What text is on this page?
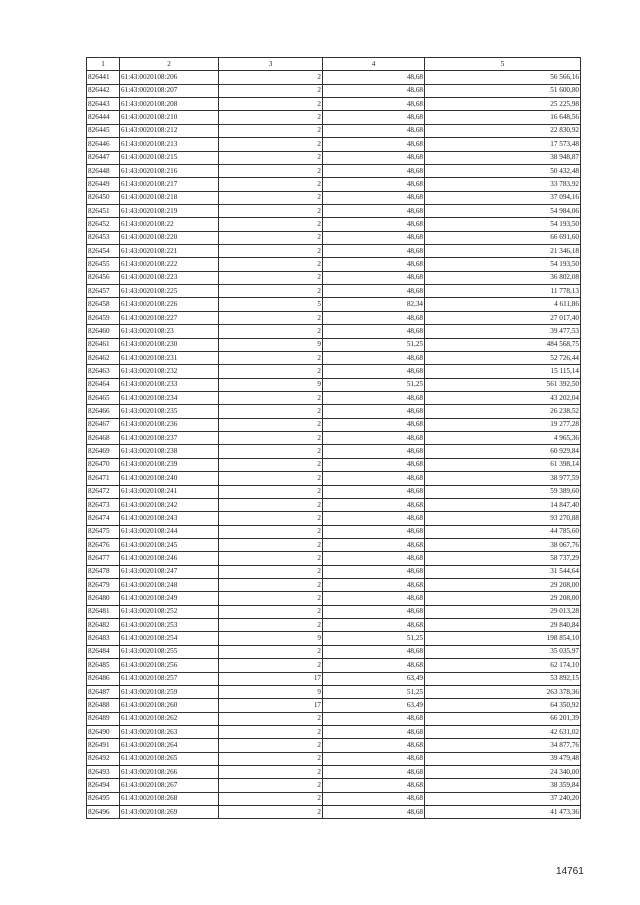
1	2	3	4	5
826441	61:43:0020108:206	2	48,68	56 566,16
826442	61:43:0020108:207	2	48,68	51 600,80
826443	61:43:0020108:208	2	48,68	25 225,98
826444	61:43:0020108:210	2	48,68	16 648,56
826445	61:43:0020108:212	2	48,68	22 830,92
826446	61:43:0020108:213	2	48,68	17 573,48
826447	61:43:0020108:215	2	48,68	38 948,87
826448	61:43:0020108:216	2	48,68	50 432,48
826449	61:43:0020108:217	2	48,68	33 783,92
826450	61:43:0020108:218	2	48,68	37 094,16
826451	61:43:0020108:219	2	48,68	54 984,06
826452	61:43:0020108:22	2	48,68	54 193,50
826453	61:43:0020108:220	2	48,68	66 691,60
826454	61:43:0020108:221	2	48,68	21 346,18
826455	61:43:0020108:222	2	48,68	54 193,50
826456	61:43:0020108:223	2	48,68	36 802,08
826457	61:43:0020108:225	2	48,68	11 778,13
826458	61:43:0020108:226	5	82,34	4 611,86
826459	61:43:0020108:227	2	48,68	27 017,40
826460	61:43:0020108:23	2	48,68	39 477,53
826461	61:43:0020108:230	9	51,25	484 568,75
826462	61:43:0020108:231	2	48,68	52 726,44
826463	61:43:0020108:232	2	48,68	15 115,14
826464	61:43:0020108:233	9	51,25	561 392,50
826465	61:43:0020108:234	2	48,68	43 202,04
826466	61:43:0020108:235	2	48,68	26 238,52
826467	61:43:0020108:236	2	48,68	19 277,28
826468	61:43:0020108:237	2	48,68	4 965,36
826469	61:43:0020108:238	2	48,68	60 929,84
826470	61:43:0020108:239	2	48,68	61 398,14
826471	61:43:0020108:240	2	48,68	38 977,59
826472	61:43:0020108:241	2	48,68	59 389,60
826473	61:43:0020108:242	2	48,68	14 847,40
826474	61:43:0020108:243	2	48,68	93 270,88
826475	61:43:0020108:244	2	48,68	44 785,60
826476	61:43:0020108:245	2	48,68	38 067,76
826477	61:43:0020108:246	2	48,68	58 737,29
826478	61:43:0020108:247	2	48,68	31 544,64
826479	61:43:0020108:248	2	48,68	29 208,00
826480	61:43:0020108:249	2	48,68	29 208,00
826481	61:43:0020108:252	2	48,68	29 013,28
826482	61:43:0020108:253	2	48,68	29 840,84
826483	61:43:0020108:254	9	51,25	198 854,10
826484	61:43:0020108:255	2	48,68	35 035,97
826485	61:43:0020108:256	2	48,68	62 174,10
826486	61:43:0020108:257	17	63,49	53 892,15
826487	61:43:0020108:259	9	51,25	263 378,36
826488	61:43:0020108:260	17	63,49	64 350,92
826489	61:43:0020108:262	2	48,68	66 201,39
826490	61:43:0020108:263	2	48,68	42 631,02
826491	61:43:0020108:264	2	48,68	34 877,76
826492	61:43:0020108:265	2	48,68	39 479,48
826493	61:43:0020108:266	2	48,68	24 340,00
826494	61:43:0020108:267	2	48,68	38 359,84
826495	61:43:0020108:268	2	48,68	37 240,20
826496	61:43:0020108:269	2	48,68	41 473,36
14761
